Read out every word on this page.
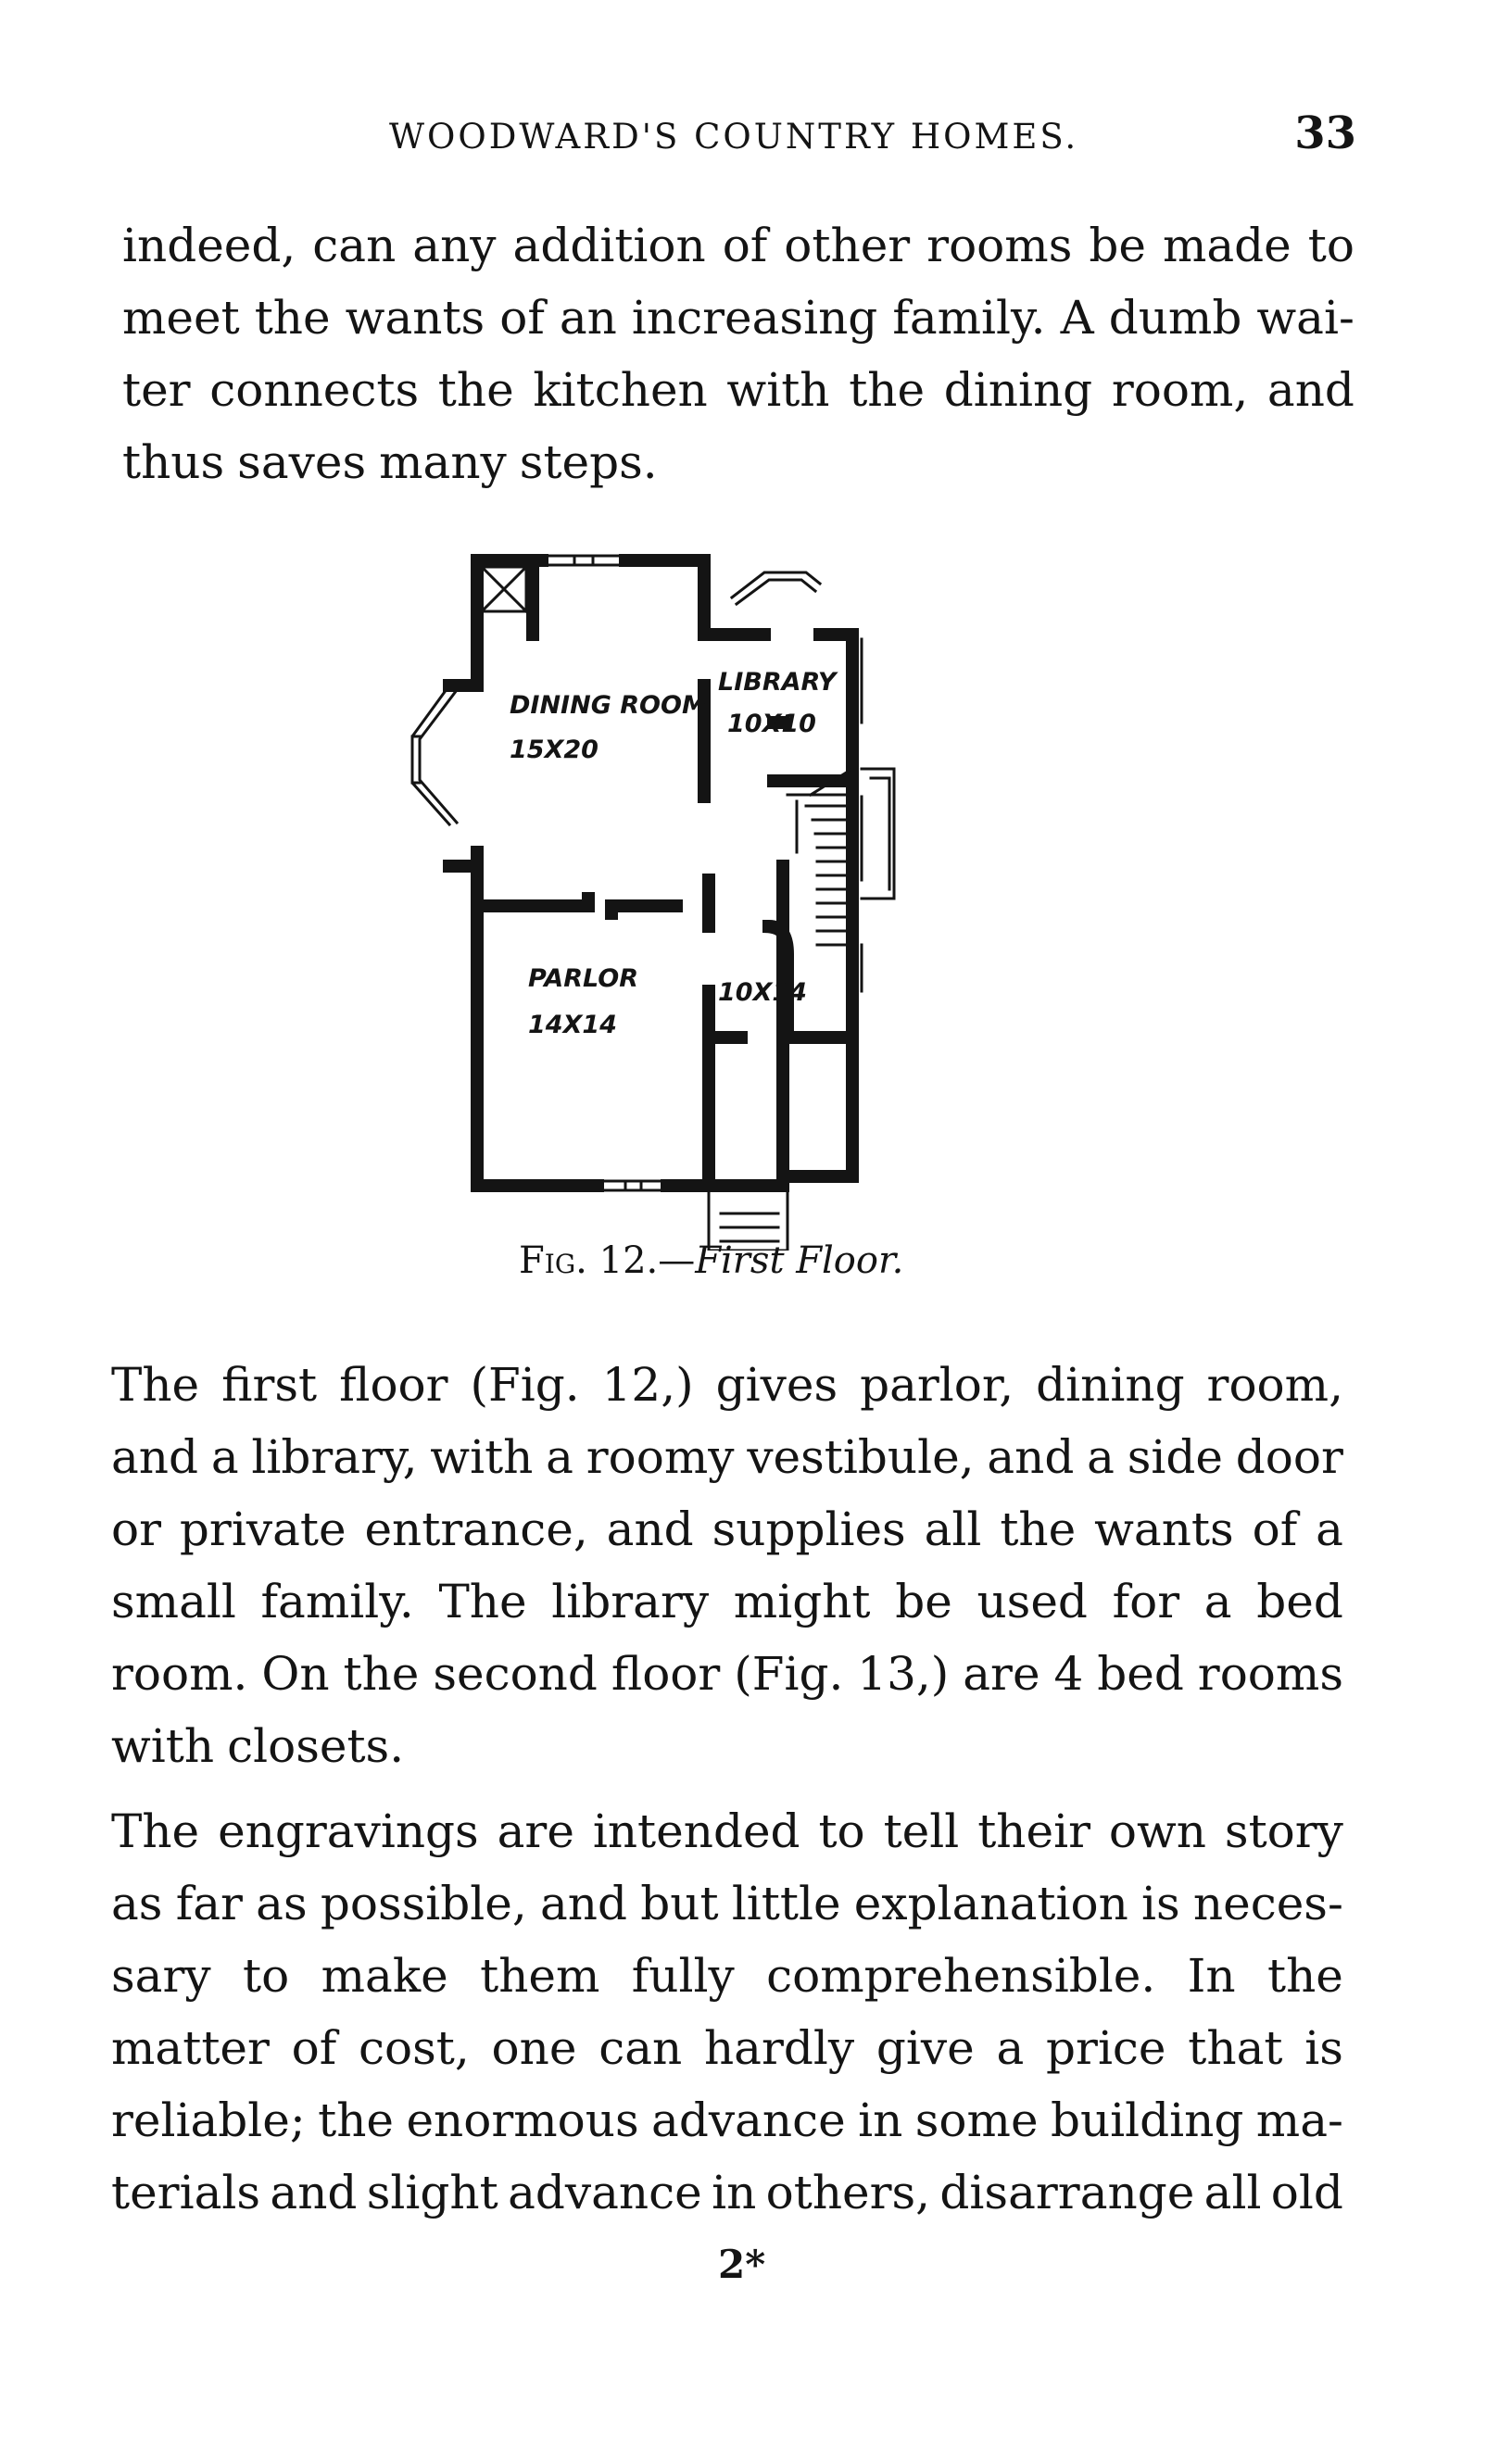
WOODWARD'S COUNTRY HOMES.	33
indeed, can any addition of other rooms be made to
meet the wants of an increasing family. A dumb wai-
ter connects the kitchen with the dining room, and
thus saves many steps.
DINING ROOM
15X20
LIBRARY
10X10
PARLOR
14X14
10X14
Fig. 12.—First Floor.
The first floor (Fig. 12,) gives parlor, dining room,
and a library, with a roomy vestibule, and a side door
or private entrance, and supplies all the wants of a
small family. The library might be used for a bed
room. On the second floor (Fig. 13,) are 4 bed rooms
with closets.
The engravings are intended to tell their own story
as far as possible, and but little explanation is neces-
sary to make them fully comprehensible. In the
matter of cost, one can hardly give a price that is
reliable; the enormous advance in some building ma-
terials and slight advance in others, disarrange all old
2*
